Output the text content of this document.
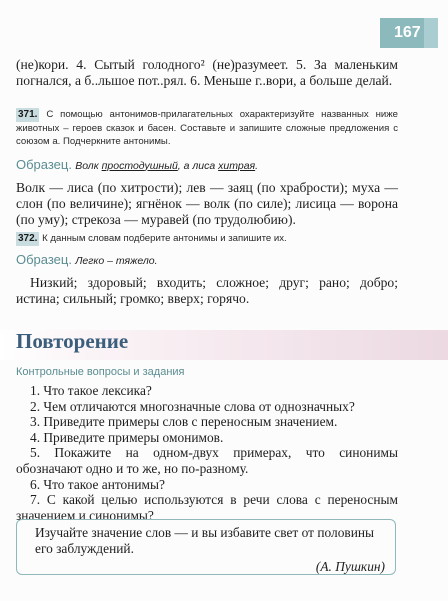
167

(не)кори. 4. Сытый голодного² (не)разумеет. 5. За маленьким погнался, а б..льшое пот..рял. 6. Меньше г..вори, а больше делай.

371. С помощью антонимов-прилагательных охарактеризуйте названных ниже животных – героев сказок и басен. Составьте и запишите сложные предложения с союзом а. Подчеркните антонимы.

Образец. Волк простодушный, а лиса хитрая.

Волк — лиса (по хитрости); лев — заяц (по храбрости); муха — слон (по величине); ягнёнок — волк (по силе); лисица — ворона (по уму); стрекоза — муравей (по трудолюбию).

372. К данным словам подберите антонимы и запишите их.

Образец. Легко – тяжело.

Низкий; здоровый; входить; сложное; друг; рано; добро; истина; сильный; громко; вверх; горячо.

Повторение
Контрольные вопросы и задания

1. Что такое лексика?

2. Чем отличаются многозначные слова от однозначных?

3. Приведите примеры слов с переносным значением.

4. Приведите примеры омонимов.

5. Покажите на одном-двух примерах, что синонимы обозначают одно и то же, но по-разному.

6. Что такое антонимы?

7. С какой целью используются в речи слова с переносным значением и синонимы?

Изучайте значение слов — и вы избавите свет от половины его заблуждений.
(А. Пушкин)
